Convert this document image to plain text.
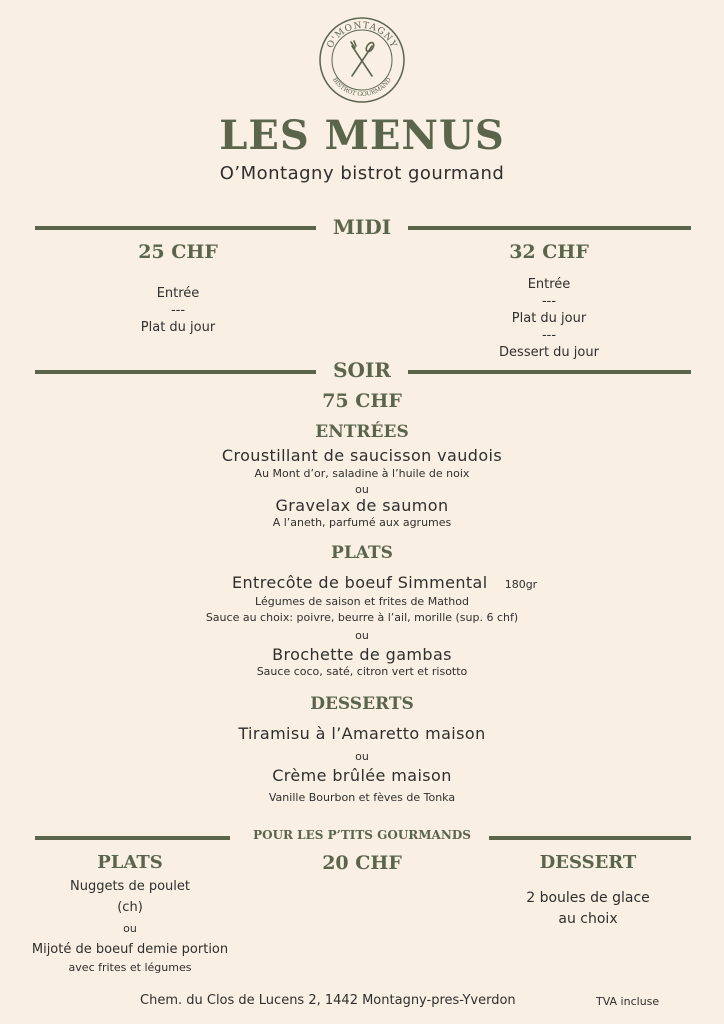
O'MONTAGNY
BISTROT GOURMAND
LES MENUS
O’Montagny bistrot gourmand
MIDI
25 CHF
Entrée
---
Plat du jour
32 CHF
Entrée
---
Plat du jour
---
Dessert du jour
SOIR
75 CHF
ENTRÉES
Croustillant de saucisson vaudois
Au Mont d’or, saladine à l’huile de noix
ou
Gravelax de saumon
A l’aneth, parfumé aux agrumes
PLATS
Entrecôte de boeuf Simmental 180gr
Légumes de saison et frites de Mathod
Sauce au choix: poivre, beurre à l’ail, morille (sup. 6 chf)
ou
Brochette de gambas
Sauce coco, saté, citron vert et risotto
DESSERTS
Tiramisu à l’Amaretto maison
ou
Crème brûlée maison
Vanille Bourbon et fèves de Tonka
POUR LES P’TITS GOURMANDS
PLATS
Nuggets de poulet
(ch)
ou
Mijoté de boeuf demie portion
avec frites et légumes
20 CHF	DESSERT
2 boules de glace
au choix
Chem. du Clos de Lucens 2, 1442 Montagny-pres-Yverdon	TVA incluse
